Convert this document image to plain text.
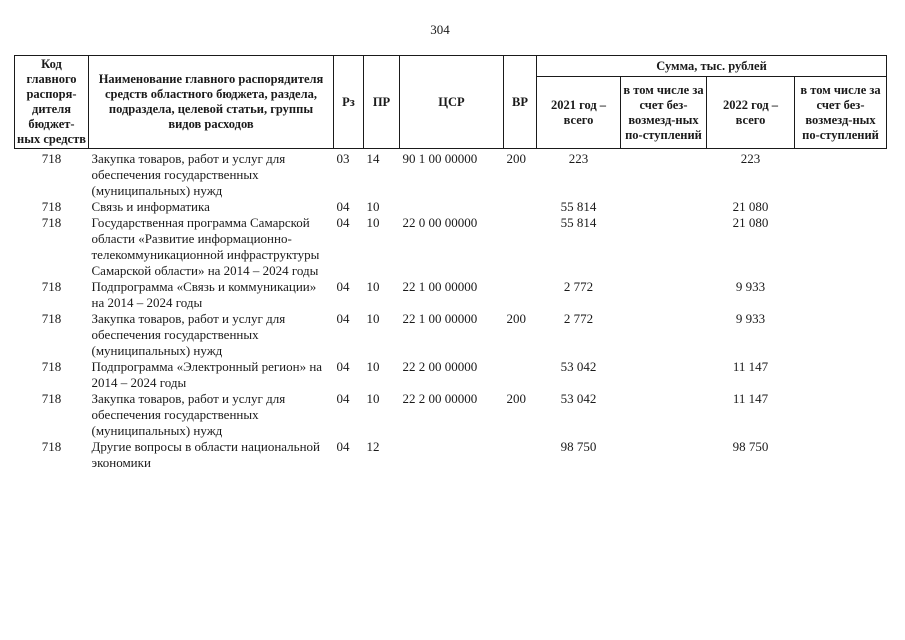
304
Код главного распоря-дителя бюджет-ных средств	Наименование главного распорядителя средств областного бюджета, раздела, подраздела, целевой статьи, группы видов расходов	Рз	ПР	ЦСР	ВР	Сумма, тыс. рублей			
						2021 год – всего	в том числе за счет без-возмезд-ных по-ступлений	2022 год – всего	в том числе за счет без-возмезд-ных по-ступлений
718	Закупка товаров, работ и услуг для обеспечения государственных (муниципальных) нужд	03	14	90 1 00 00000	200	223		223	
718	Связь и информатика	04	10			55 814		21 080	
718	Государственная программа Самарской области «Развитие информационно-телекоммуникационной инфраструктуры Самарской области» на 2014 – 2024 годы	04	10	22 0 00 00000		55 814		21 080	
718	Подпрограмма «Связь и коммуникации» на 2014 – 2024 годы	04	10	22 1 00 00000		2 772		9 933	
718	Закупка товаров, работ и услуг для обеспечения государственных (муниципальных) нужд	04	10	22 1 00 00000	200	2 772		9 933	
718	Подпрограмма «Электронный регион» на 2014 – 2024 годы	04	10	22 2 00 00000		53 042		11 147	
718	Закупка товаров, работ и услуг для обеспечения государственных (муниципальных) нужд	04	10	22 2 00 00000	200	53 042		11 147	
718	Другие вопросы в области национальной экономики	04	12			98 750		98 750	
